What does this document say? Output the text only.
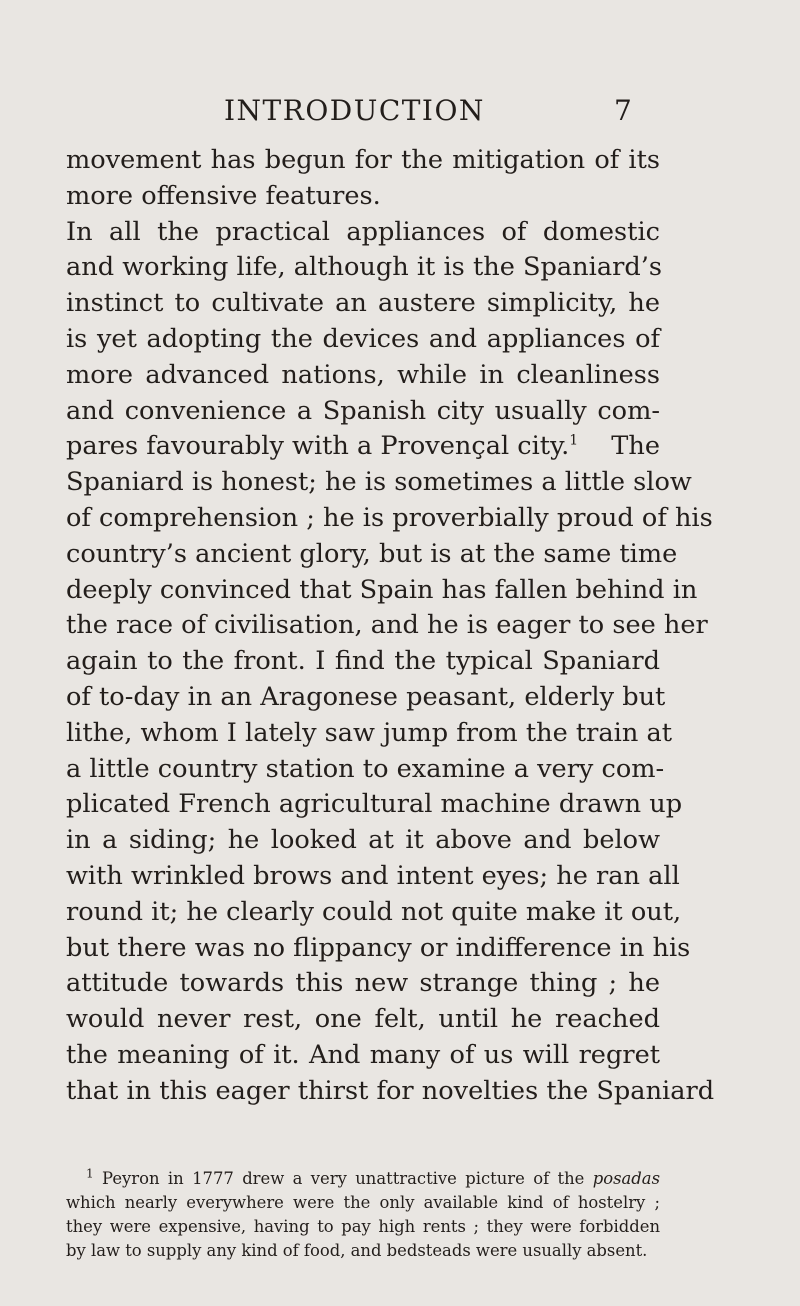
INTRODUCTION	7
movement has begun for the mitigation of its
more offensive features.
In all the practical appliances of domestic
and working life, although it is the Spaniard’s
instinct to cultivate an austere simplicity, he
is yet adopting the devices and appliances of
more advanced nations, while in cleanliness
and convenience a Spanish city usually com-
pares favourably with a Provençal city.$^1$ The
Spaniard is honest; he is sometimes a little slow
of comprehension ; he is proverbially proud of his
country’s ancient glory, but is at the same time
deeply convinced that Spain has fallen behind in
the race of civilisation, and he is eager to see her
again to the front. I find the typical Spaniard
of to-day in an Aragonese peasant, elderly but
lithe, whom I lately saw jump from the train at
a little country station to examine a very com-
plicated French agricultural machine drawn up
in a siding; he looked at it above and below
with wrinkled brows and intent eyes; he ran all
round it; he clearly could not quite make it out,
but there was no flippancy or indifference in his
attitude towards this new strange thing ; he
would never rest, one felt, until he reached
the meaning of it. And many of us will regret
that in this eager thirst for novelties the Spaniard
$^1$ Peyron in 1777 drew a very unattractive picture of the posadas
which nearly everywhere were the only available kind of hostelry ;
they were expensive, having to pay high rents ; they were forbidden
by law to supply any kind of food, and bedsteads were usually absent.
